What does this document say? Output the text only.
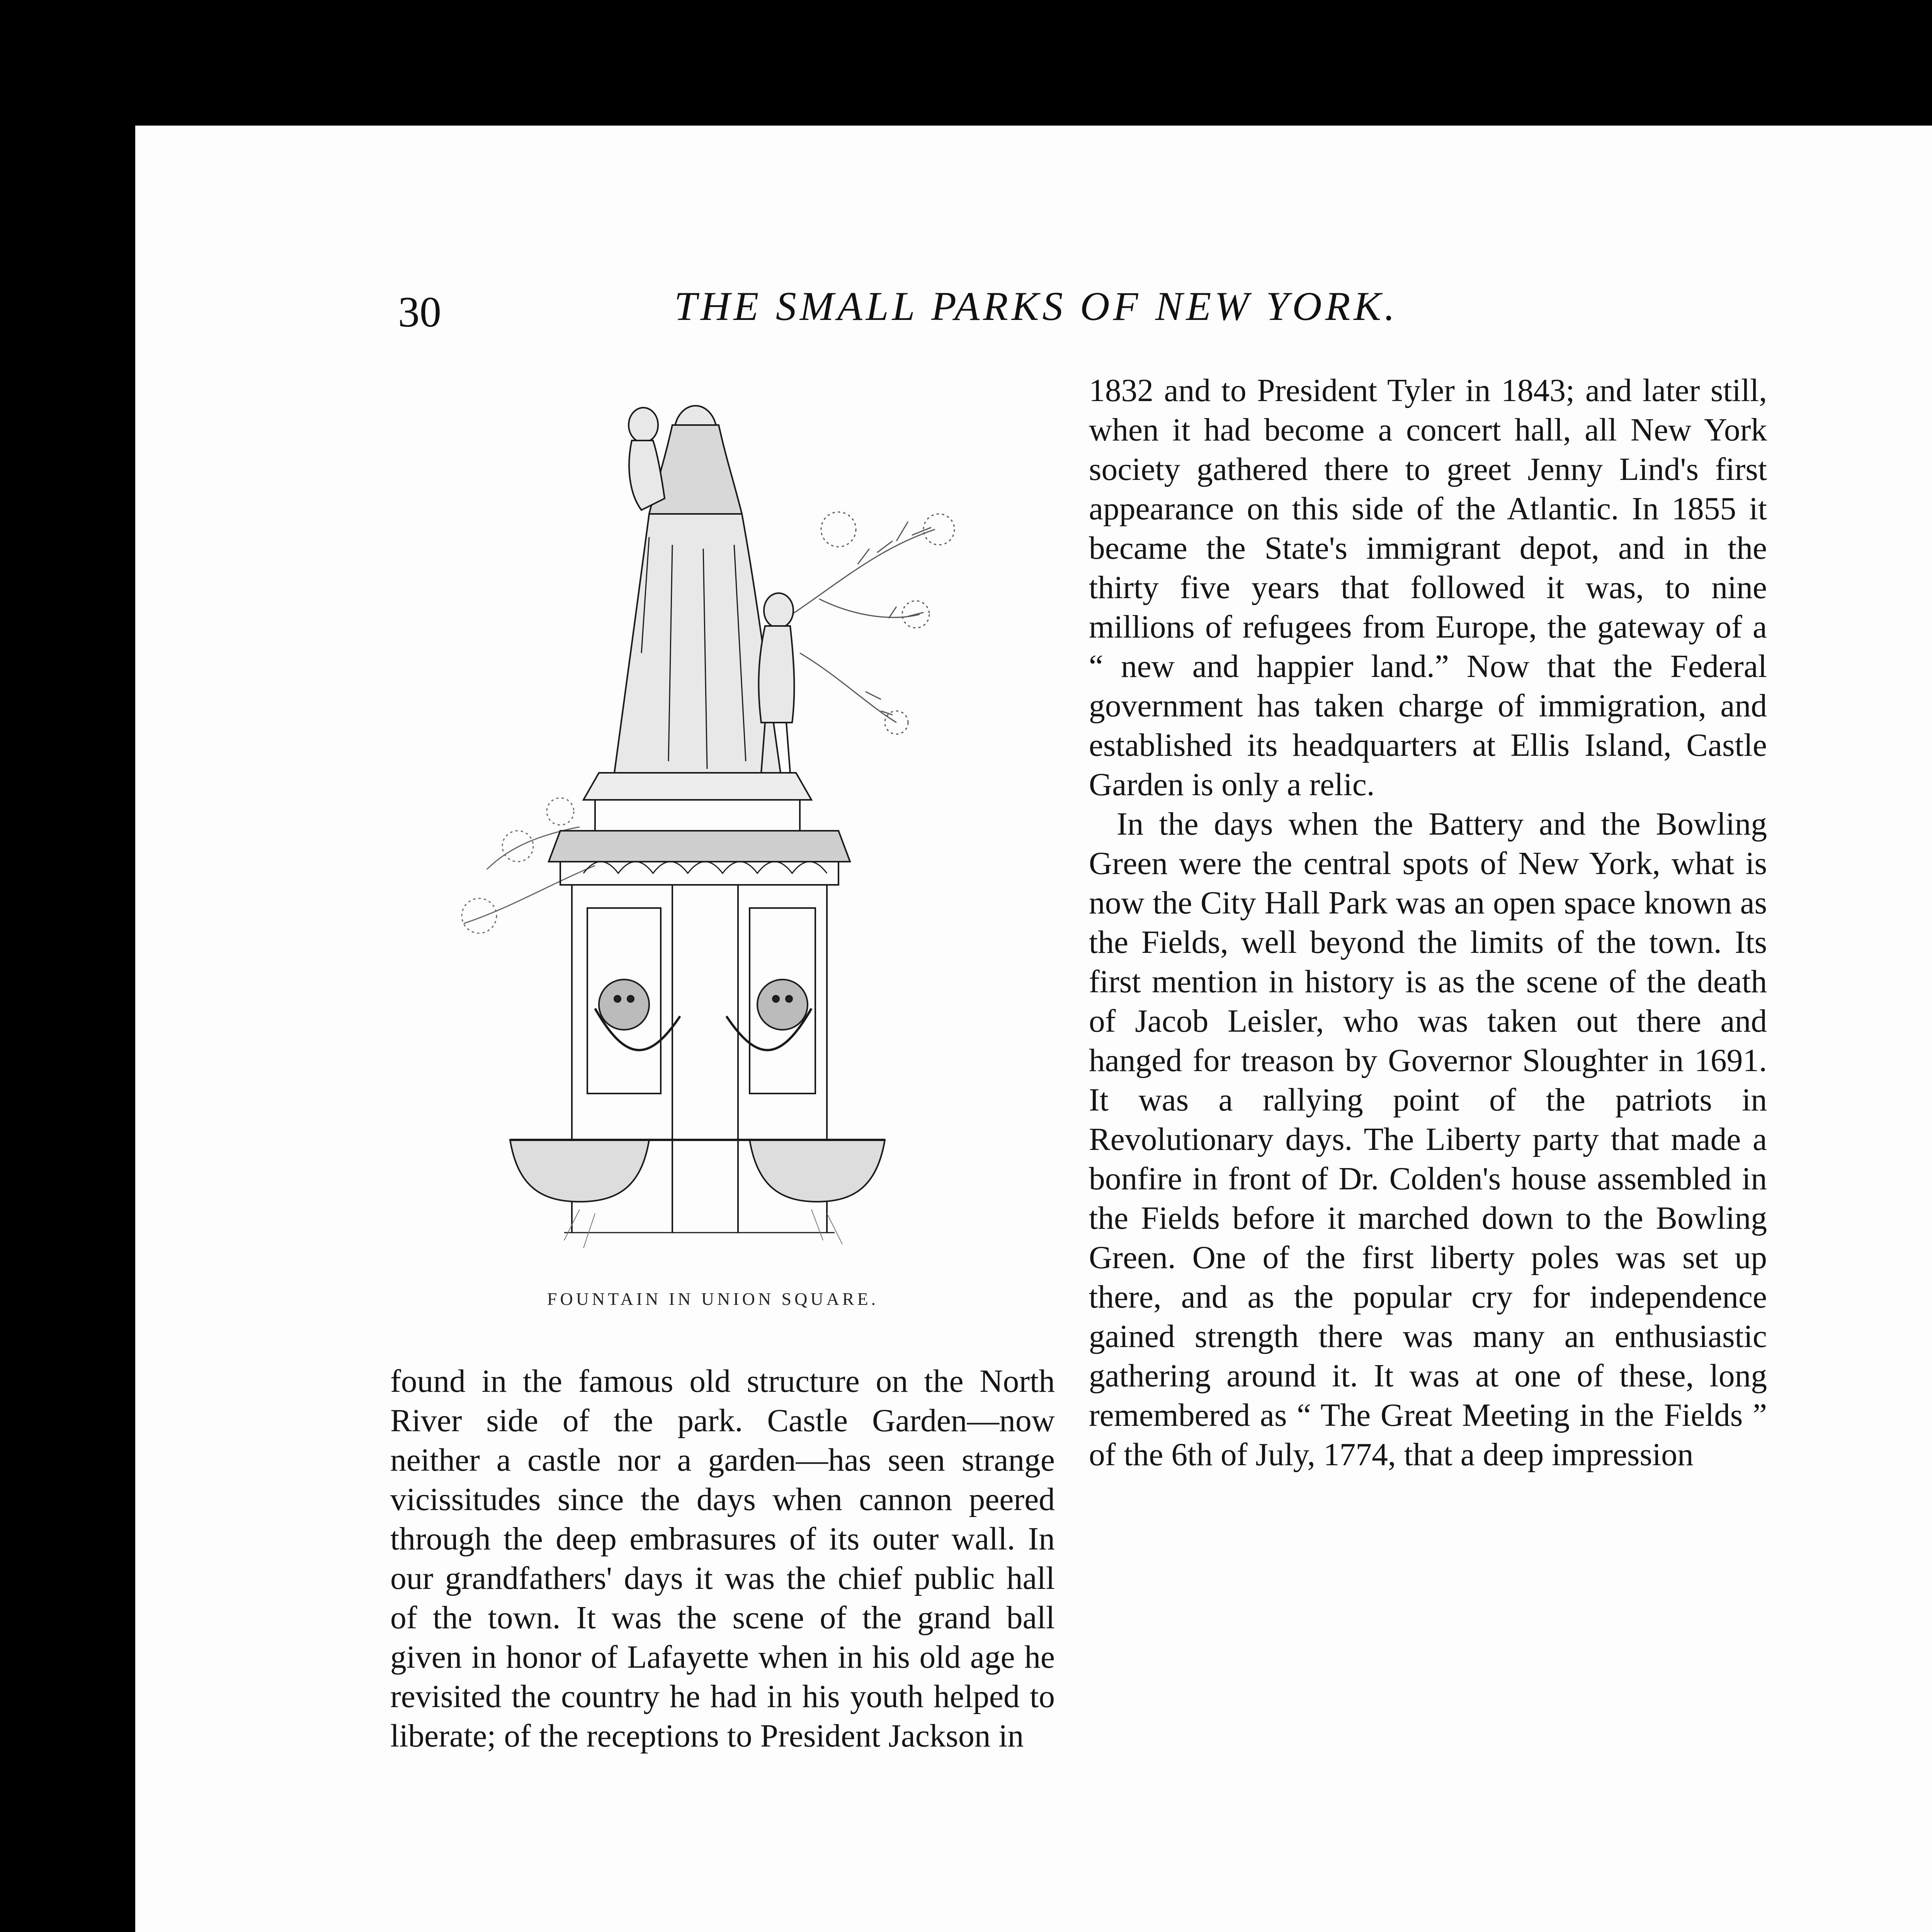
30	THE SMALL PARKS OF NEW YORK.
FOUNTAIN IN UNION SQUARE.

found in the famous old structure on the North River side of the park. Castle Garden—now neither a castle nor a garden—has seen strange vicissitudes since the days when cannon peered through the deep embrasures of its outer wall. In our grandfathers' days it was the chief public hall of the town. It was the scene of the grand ball given in honor of Lafayette when in his old age he revisited the country he had in his youth helped to liberate; of the receptions to President Jackson in

1832 and to President Tyler in 1843; and later still, when it had become a concert hall, all New York society gathered there to greet Jenny Lind's first appearance on this side of the Atlantic. In 1855 it became the State's immigrant depot, and in the thirty five years that followed it was, to nine millions of refugees from Europe, the gateway of a “ new and happier land.” Now that the Federal government has taken charge of immigration, and established its headquarters at Ellis Island, Castle Garden is only a relic.

In the days when the Battery and the Bowling Green were the central spots of New York, what is now the City Hall Park was an open space known as the Fields, well beyond the limits of the town. Its first mention in history is as the scene of the death of Jacob Leisler, who was taken out there and hanged for treason by Governor Sloughter in 1691. It was a rallying point of the patriots in Revolutionary days. The Liberty party that made a bonfire in front of Dr. Colden's house assembled in the Fields before it marched down to the Bowling Green. One of the first liberty poles was set up there, and as the popular cry for independence gained strength there was many an enthusiastic gathering around it. It was at one of these, long remembered as “ The Great Meeting in the Fields ” of the 6th of July, 1774, that a deep impression
